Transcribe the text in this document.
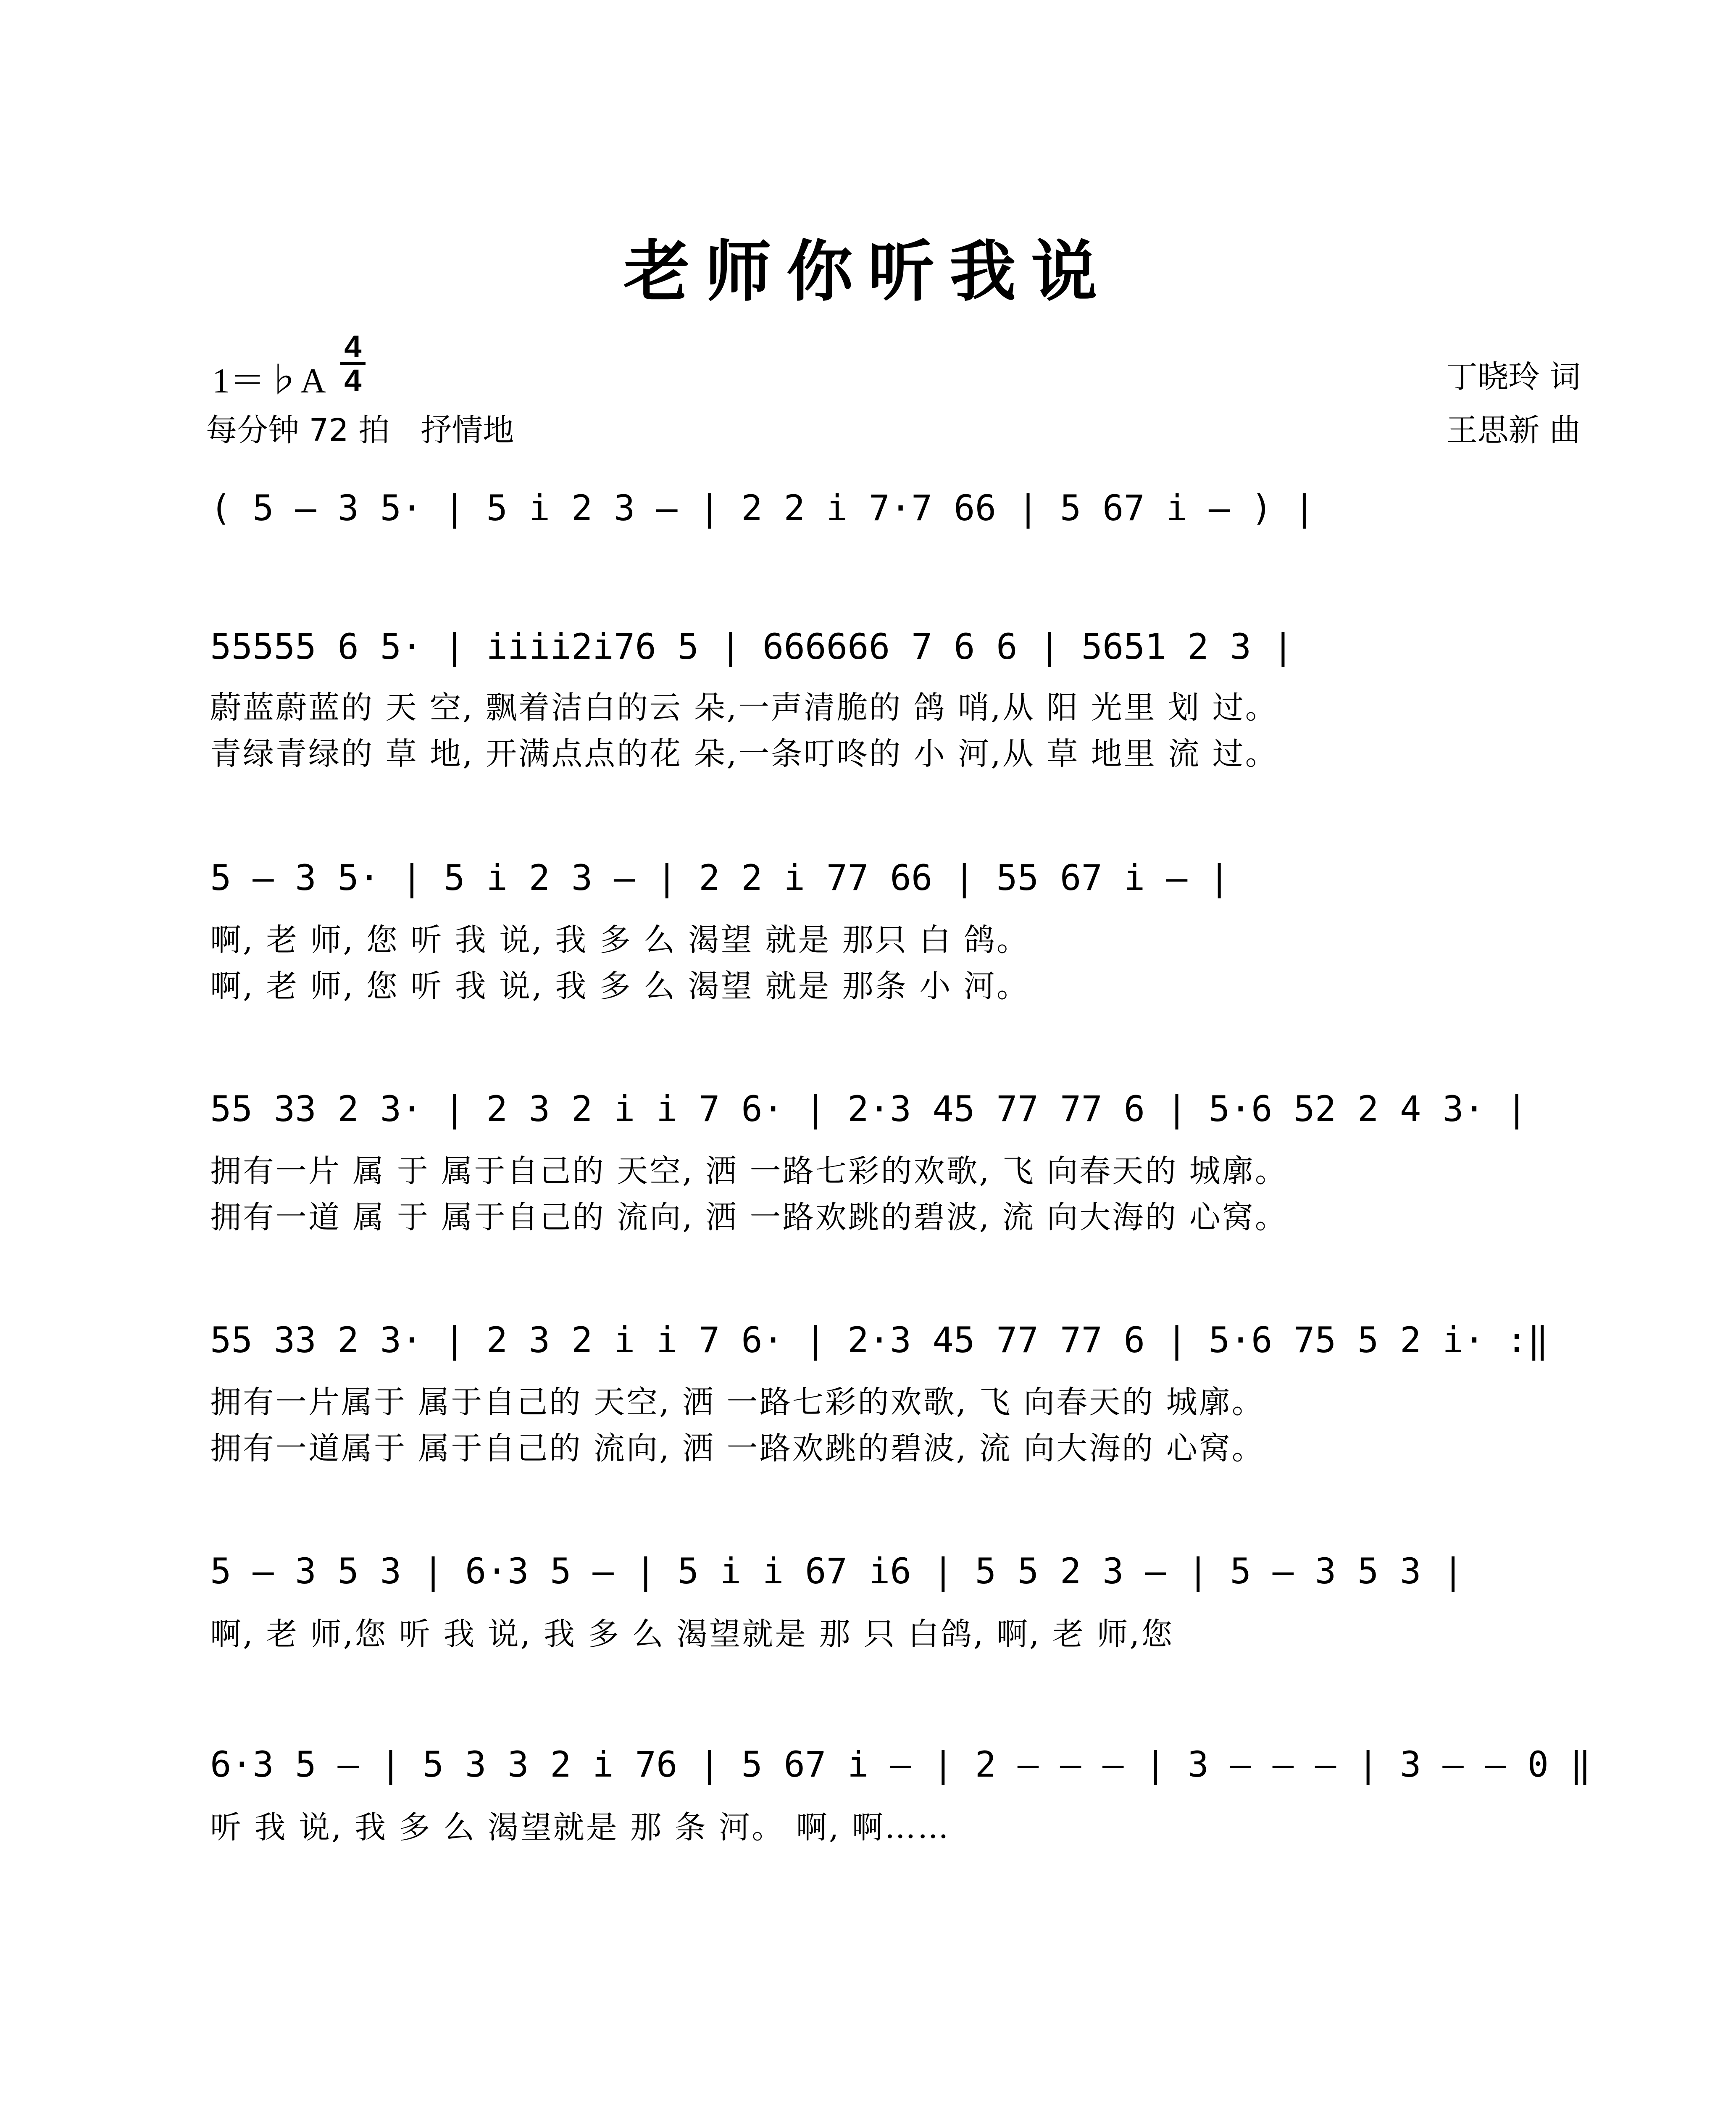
老师你听我说
1＝♭A
4
4
每分钟 72 拍　抒情地
丁晓玲 词
王思新 曲
( 5 – 3 5· | 5 i 2 3 – | 2 2 i 7·7 66 | 5 67 i – ) |
55555 6 5· | iiii2i76 5 | 666666 7 6 6 | 5651 2 3 |
蔚蓝蔚蓝的 天 空, 飘着洁白的云 朵,一声清脆的 鸽 哨,从 阳 光里 划 过。
青绿青绿的 草 地, 开满点点的花 朵,一条叮咚的 小 河,从 草 地里 流 过。
5 – 3 5· | 5 i 2 3 – | 2 2 i 77 66 | 55 67 i – |
啊, 老 师, 您 听 我 说, 我 多 么 渴望 就是 那只 白 鸽。
啊, 老 师, 您 听 我 说, 我 多 么 渴望 就是 那条 小 河。
55 33 2 3· | 2 3 2 i i 7 6· | 2·3 45 77 77 6 | 5·6 52 2 4 3· |
拥有一片 属 于 属于自己的 天空, 洒 一路七彩的欢歌, 飞 向春天的 城廓。
拥有一道 属 于 属于自己的 流向, 洒 一路欢跳的碧波, 流 向大海的 心窝。
55 33 2 3· | 2 3 2 i i 7 6· | 2·3 45 77 77 6 | 5·6 75 5 2 i· :‖
拥有一片属于 属于自己的 天空, 洒 一路七彩的欢歌, 飞 向春天的 城廓。
拥有一道属于 属于自己的 流向, 洒 一路欢跳的碧波, 流 向大海的 心窝。
5 – 3 5 3 | 6·3 5 – | 5 i i 67 i6 | 5 5 2 3 – | 5 – 3 5 3 |
啊, 老 师,您 听 我 说, 我 多 么 渴望就是 那 只 白鸽, 啊, 老 师,您
6·3 5 – | 5 3 3 2 i 76 | 5 67 i – | 2 – – – | 3 – – – | 3 – – 0 ‖
听 我 说, 我 多 么 渴望就是 那 条 河。 啊, 啊……
